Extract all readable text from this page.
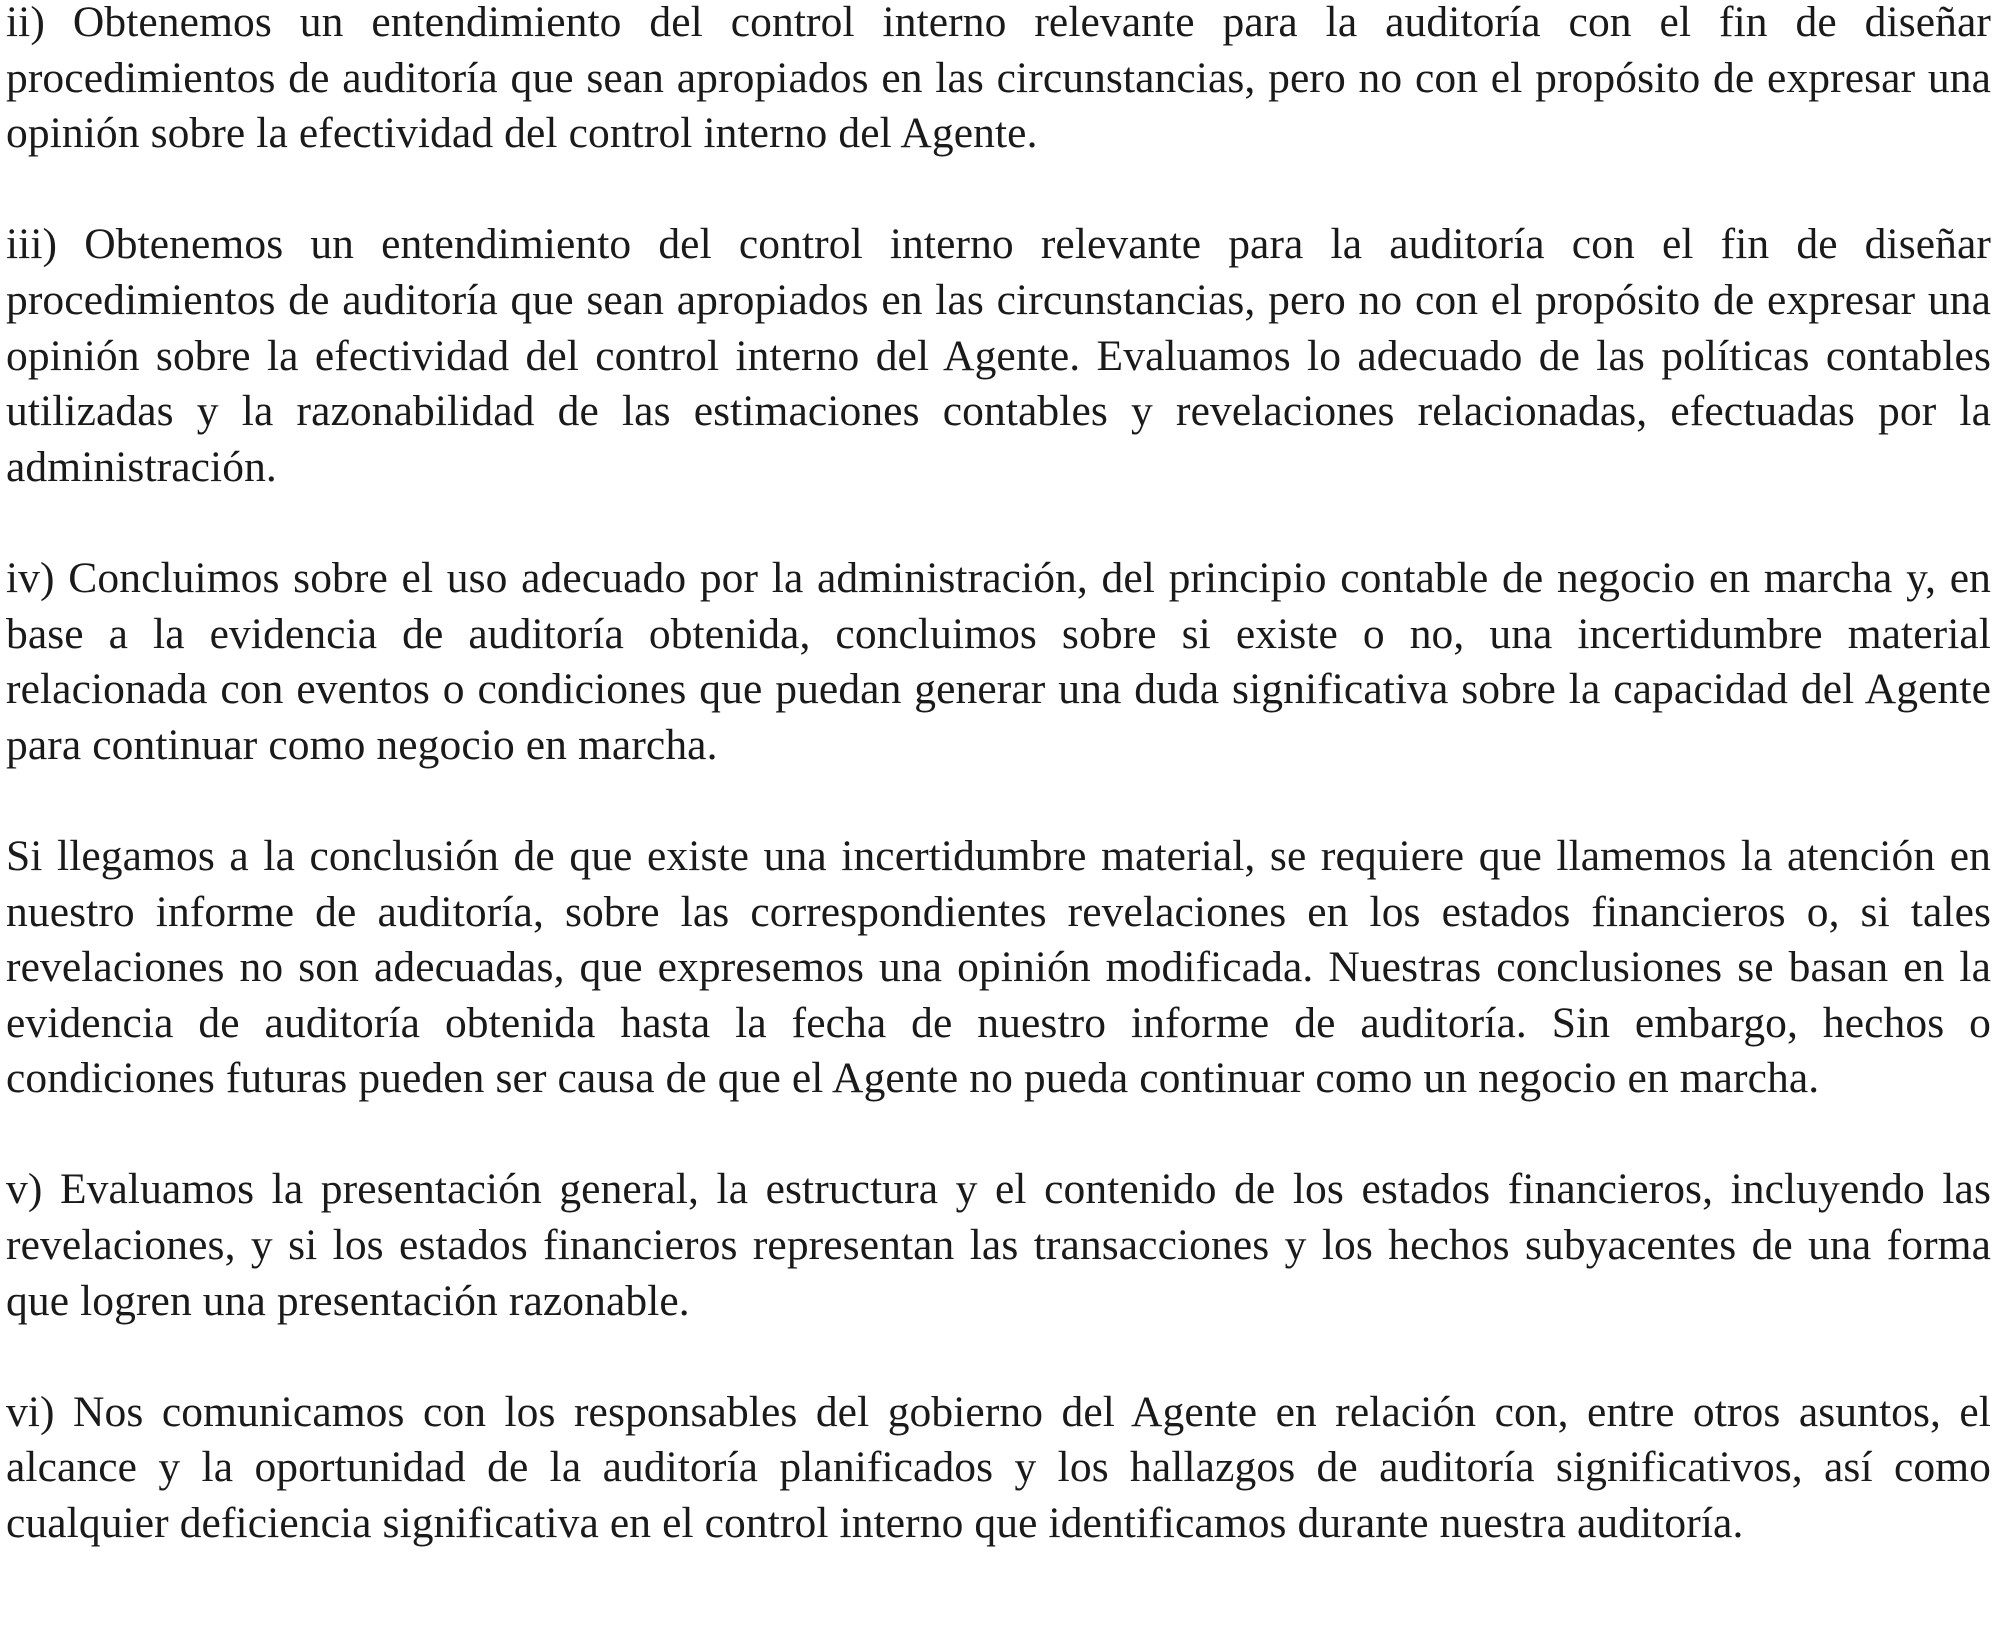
ii) Obtenemos un entendimiento del control interno relevante para la auditoría con el fin de diseñar procedimientos de auditoría que sean apropiados en las circunstancias, pero no con el propósito de expresar una opinión sobre la efectividad del control interno del Agente.

iii) Obtenemos un entendimiento del control interno relevante para la auditoría con el fin de diseñar procedimientos de auditoría que sean apropiados en las circunstancias, pero no con el propósito de expresar una opinión sobre la efectividad del control interno del Agente. Evaluamos lo adecuado de las políticas contables utilizadas y la razonabilidad de las estimaciones contables y revelaciones relacionadas, efectuadas por la administración.

iv) Concluimos sobre el uso adecuado por la administración, del principio contable de negocio en marcha y, en base a la evidencia de auditoría obtenida, concluimos sobre si existe o no, una incertidumbre material relacionada con eventos o condiciones que puedan generar una duda significativa sobre la capacidad del Agente para continuar como negocio en marcha.

Si llegamos a la conclusión de que existe una incertidumbre material, se requiere que llamemos la atención en nuestro informe de auditoría, sobre las correspondientes revelaciones en los estados financieros o, si tales revelaciones no son adecuadas, que expresemos una opinión modificada. Nuestras conclusiones se basan en la evidencia de auditoría obtenida hasta la fecha de nuestro informe de auditoría. Sin embargo, hechos o condiciones futuras pueden ser causa de que el Agente no pueda continuar como un negocio en marcha.

v) Evaluamos la presentación general, la estructura y el contenido de los estados financieros, incluyendo las revelaciones, y si los estados financieros representan las transacciones y los hechos subyacentes de una forma que logren una presentación razonable.

vi) Nos comunicamos con los responsables del gobierno del Agente en relación con, entre otros asuntos, el alcance y la oportunidad de la auditoría planificados y los hallazgos de auditoría significativos, así como cualquier deficiencia significativa en el control interno que identificamos durante nuestra auditoría.
